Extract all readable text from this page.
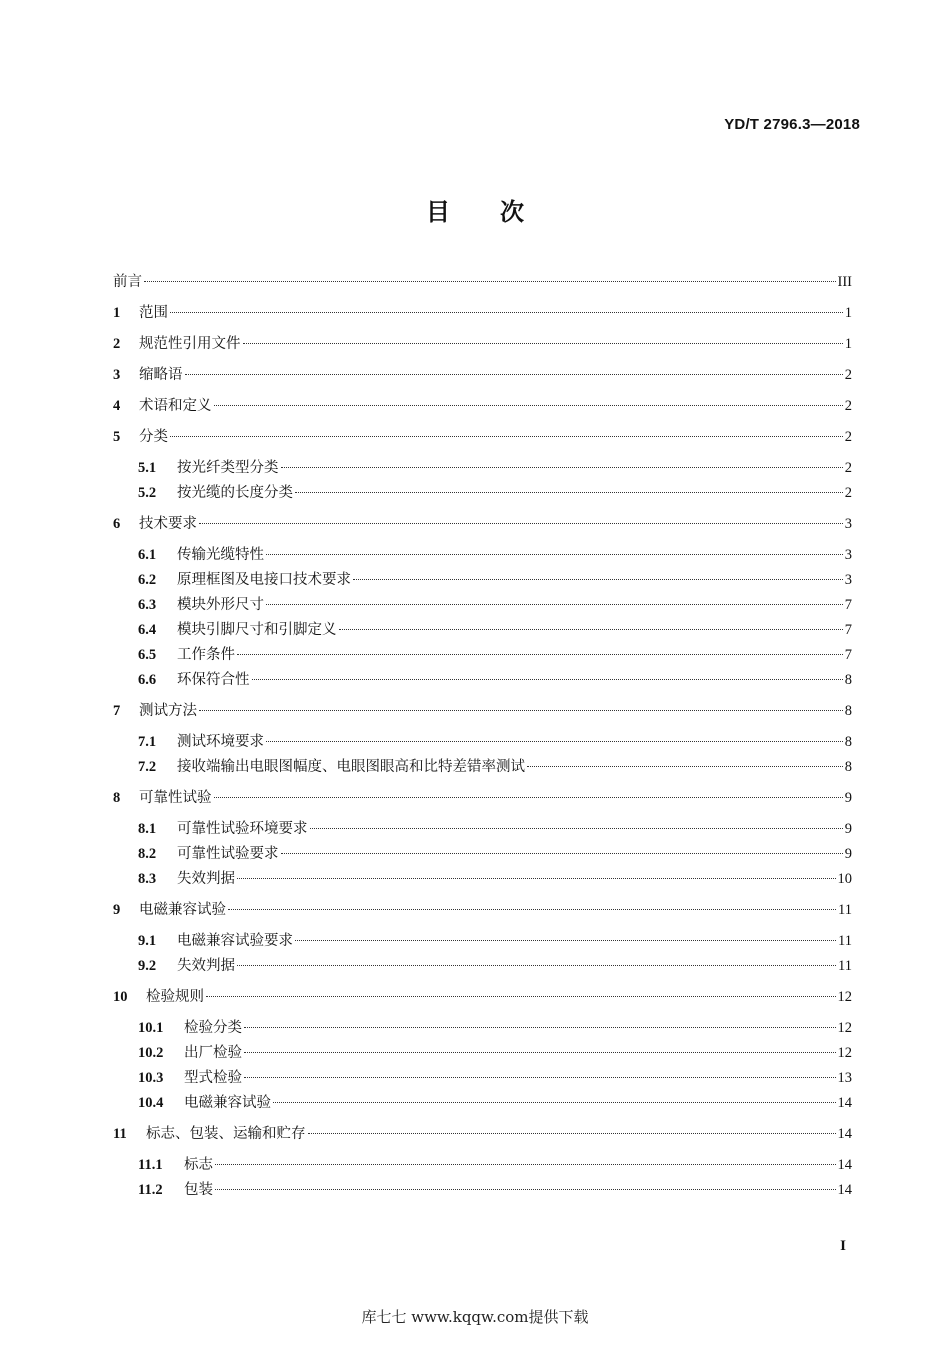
YD/T 2796.3—2018
目 次
前言	III
1	范围	1
2	规范性引用文件	1
3	缩略语	2
4	术语和定义	2
5	分类	2
5.1	按光纤类型分类	2
5.2	按光缆的长度分类	2
6	技术要求	3
6.1	传输光缆特性	3
6.2	原理框图及电接口技术要求	3
6.3	模块外形尺寸	7
6.4	模块引脚尺寸和引脚定义	7
6.5	工作条件	7
6.6	环保符合性	8
7	测试方法	8
7.1	测试环境要求	8
7.2	接收端输出电眼图幅度、电眼图眼高和比特差错率测试	8
8	可靠性试验	9
8.1	可靠性试验环境要求	9
8.2	可靠性试验要求	9
8.3	失效判据	10
9	电磁兼容试验	11
9.1	电磁兼容试验要求	11
9.2	失效判据	11
10	检验规则	12
10.1	检验分类	12
10.2	出厂检验	12
10.3	型式检验	13
10.4	电磁兼容试验	14
11	标志、包装、运输和贮存	14
11.1	标志	14
11.2	包装	14
I
库七七 www.kqqw.com提供下载
